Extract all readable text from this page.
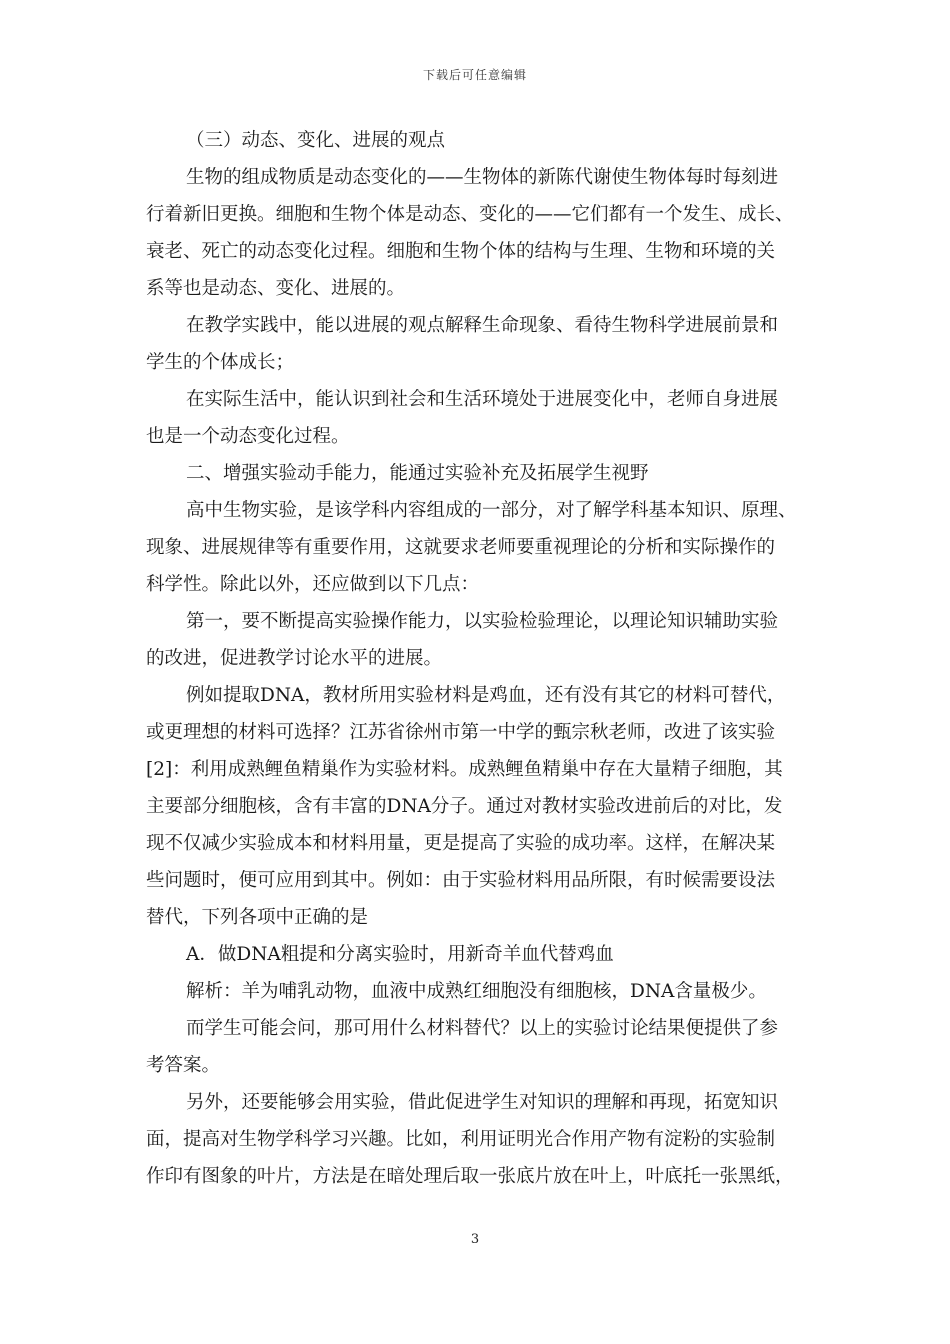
下载后可任意编辑
（三）动态、变化、进展的观点
生物的组成物质是动态变化的——生物体的新陈代谢使生物体每时每刻进
行着新旧更换。细胞和生物个体是动态、变化的——它们都有一个发生、成长、
衰老、死亡的动态变化过程。细胞和生物个体的结构与生理、生物和环境的关
系等也是动态、变化、进展的。
在教学实践中，能以进展的观点解释生命现象、看待生物科学进展前景和
学生的个体成长；
在实际生活中，能认识到社会和生活环境处于进展变化中，老师自身进展
也是一个动态变化过程。
二、增强实验动手能力，能通过实验补充及拓展学生视野
高中生物实验，是该学科内容组成的一部分，对了解学科基本知识、原理、
现象、进展规律等有重要作用，这就要求老师要重视理论的分析和实际操作的
科学性。除此以外，还应做到以下几点：
第一，要不断提高实验操作能力，以实验检验理论，以理论知识辅助实验
的改进，促进教学讨论水平的进展。
例如提取DNA，教材所用实验材料是鸡血，还有没有其它的材料可替代，
或更理想的材料可选择？江苏省徐州市第一中学的甄宗秋老师，改进了该实验
[2]：利用成熟鲤鱼精巢作为实验材料。成熟鲤鱼精巢中存在大量精子细胞，其
主要部分细胞核，含有丰富的DNA分子。通过对教材实验改进前后的对比，发
现不仅减少实验成本和材料用量，更是提高了实验的成功率。这样，在解决某
些问题时，便可应用到其中。例如：由于实验材料用品所限，有时候需要设法
替代，下列各项中正确的是
A．做DNA粗提和分离实验时，用新奇羊血代替鸡血
解析：羊为哺乳动物，血液中成熟红细胞没有细胞核，DNA含量极少。
而学生可能会问，那可用什么材料替代？以上的实验讨论结果便提供了参
考答案。
另外，还要能够会用实验，借此促进学生对知识的理解和再现，拓宽知识
面，提高对生物学科学习兴趣。比如，利用证明光合作用产物有淀粉的实验制
作印有图象的叶片，方法是在暗处理后取一张底片放在叶上，叶底托一张黑纸，
3
